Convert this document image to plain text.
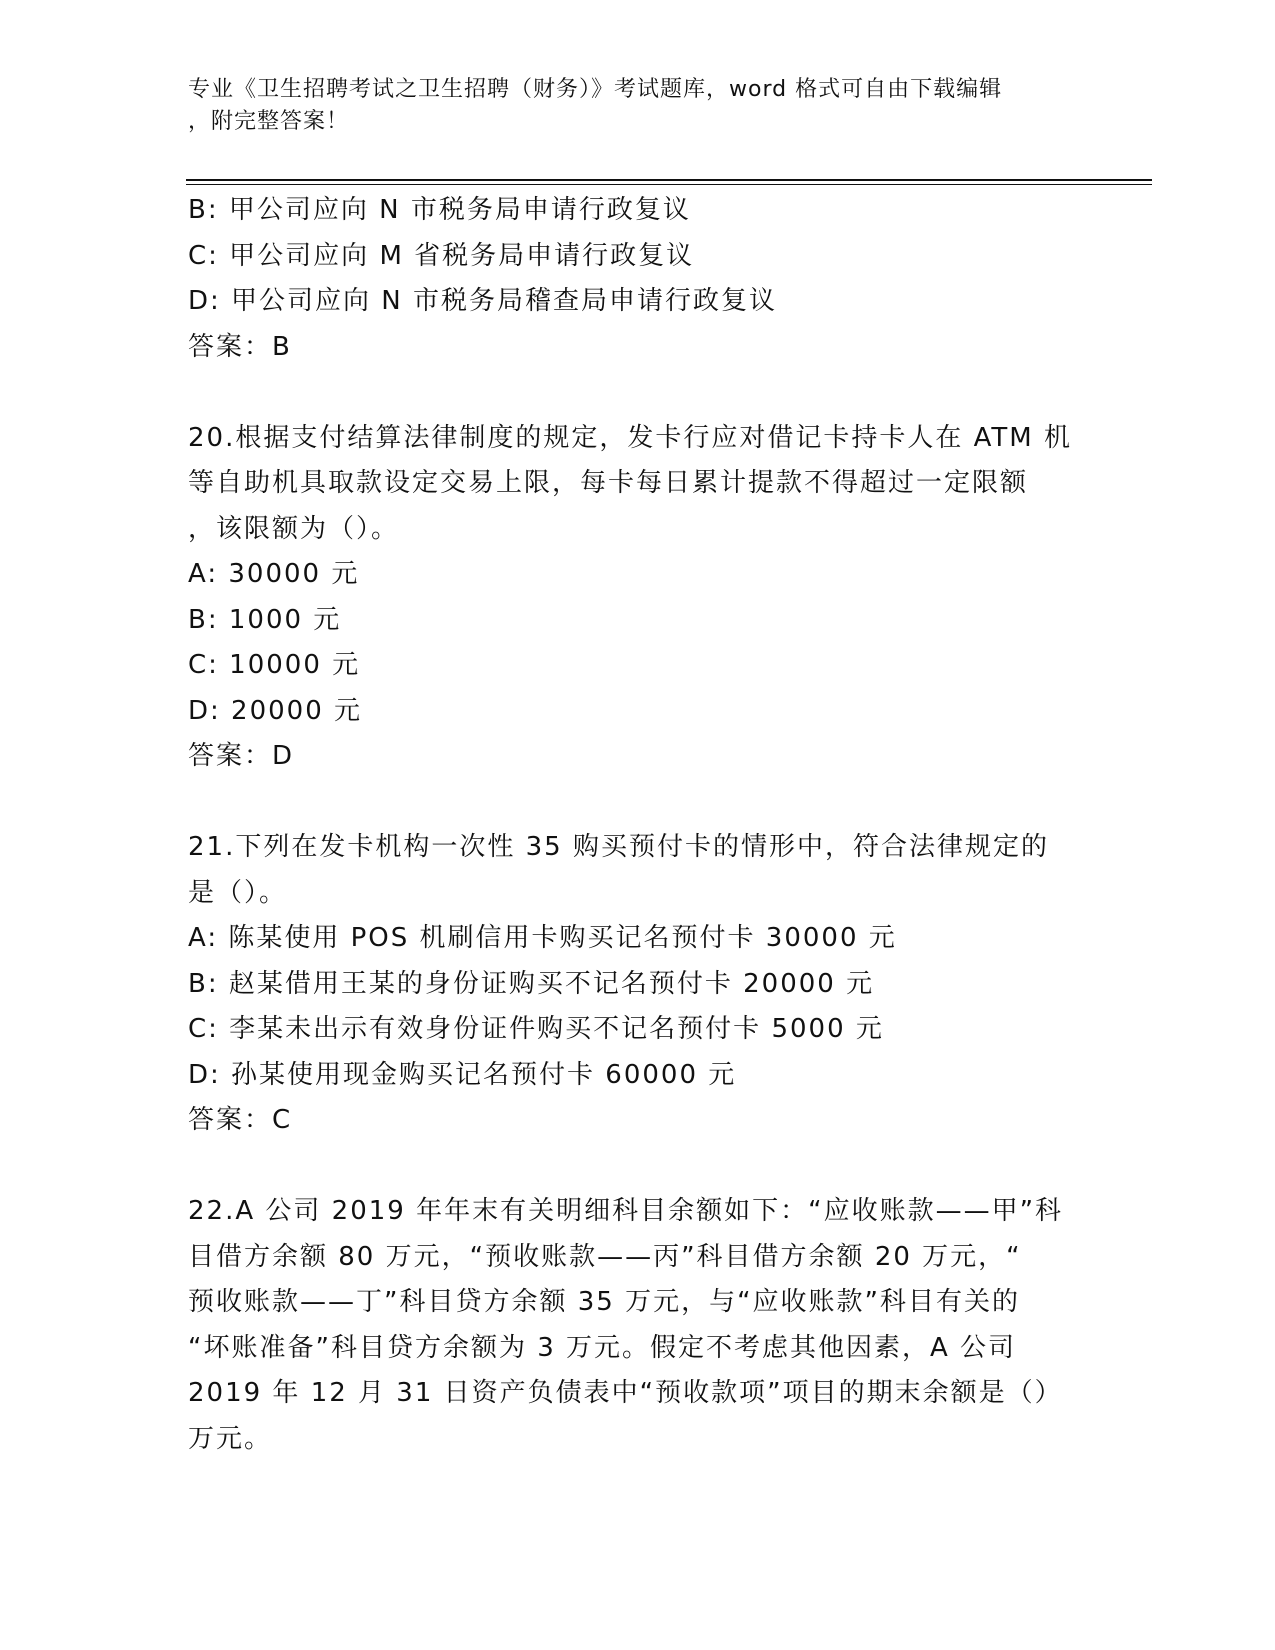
专业《卫生招聘考试之卫生招聘（财务）》考试题库，word 格式可自由下载编辑
，附完整答案！
B: 甲公司应向 N 市税务局申请行政复议
C: 甲公司应向 M 省税务局申请行政复议
D: 甲公司应向 N 市税务局稽查局申请行政复议
答案：B
20.根据支付结算法律制度的规定，发卡行应对借记卡持卡人在 ATM 机
等自助机具取款设定交易上限，每卡每日累计提款不得超过一定限额
，该限额为（）。
A: 30000 元
B: 1000 元
C: 10000 元
D: 20000 元
答案：D
21.下列在发卡机构一次性 35 购买预付卡的情形中，符合法律规定的
是（）。
A: 陈某使用 POS 机刷信用卡购买记名预付卡 30000 元
B: 赵某借用王某的身份证购买不记名预付卡 20000 元
C: 李某未出示有效身份证件购买不记名预付卡 5000 元
D: 孙某使用现金购买记名预付卡 60000 元
答案：C
22.A 公司 2019 年年末有关明细科目余额如下：“应收账款——甲”科
目借方余额 80 万元，“预收账款——丙”科目借方余额 20 万元，“
预收账款——丁”科目贷方余额 35 万元，与“应收账款”科目有关的
“坏账准备”科目贷方余额为 3 万元。假定不考虑其他因素，A 公司
2019 年 12 月 31 日资产负债表中“预收款项”项目的期末余额是（）
万元。
